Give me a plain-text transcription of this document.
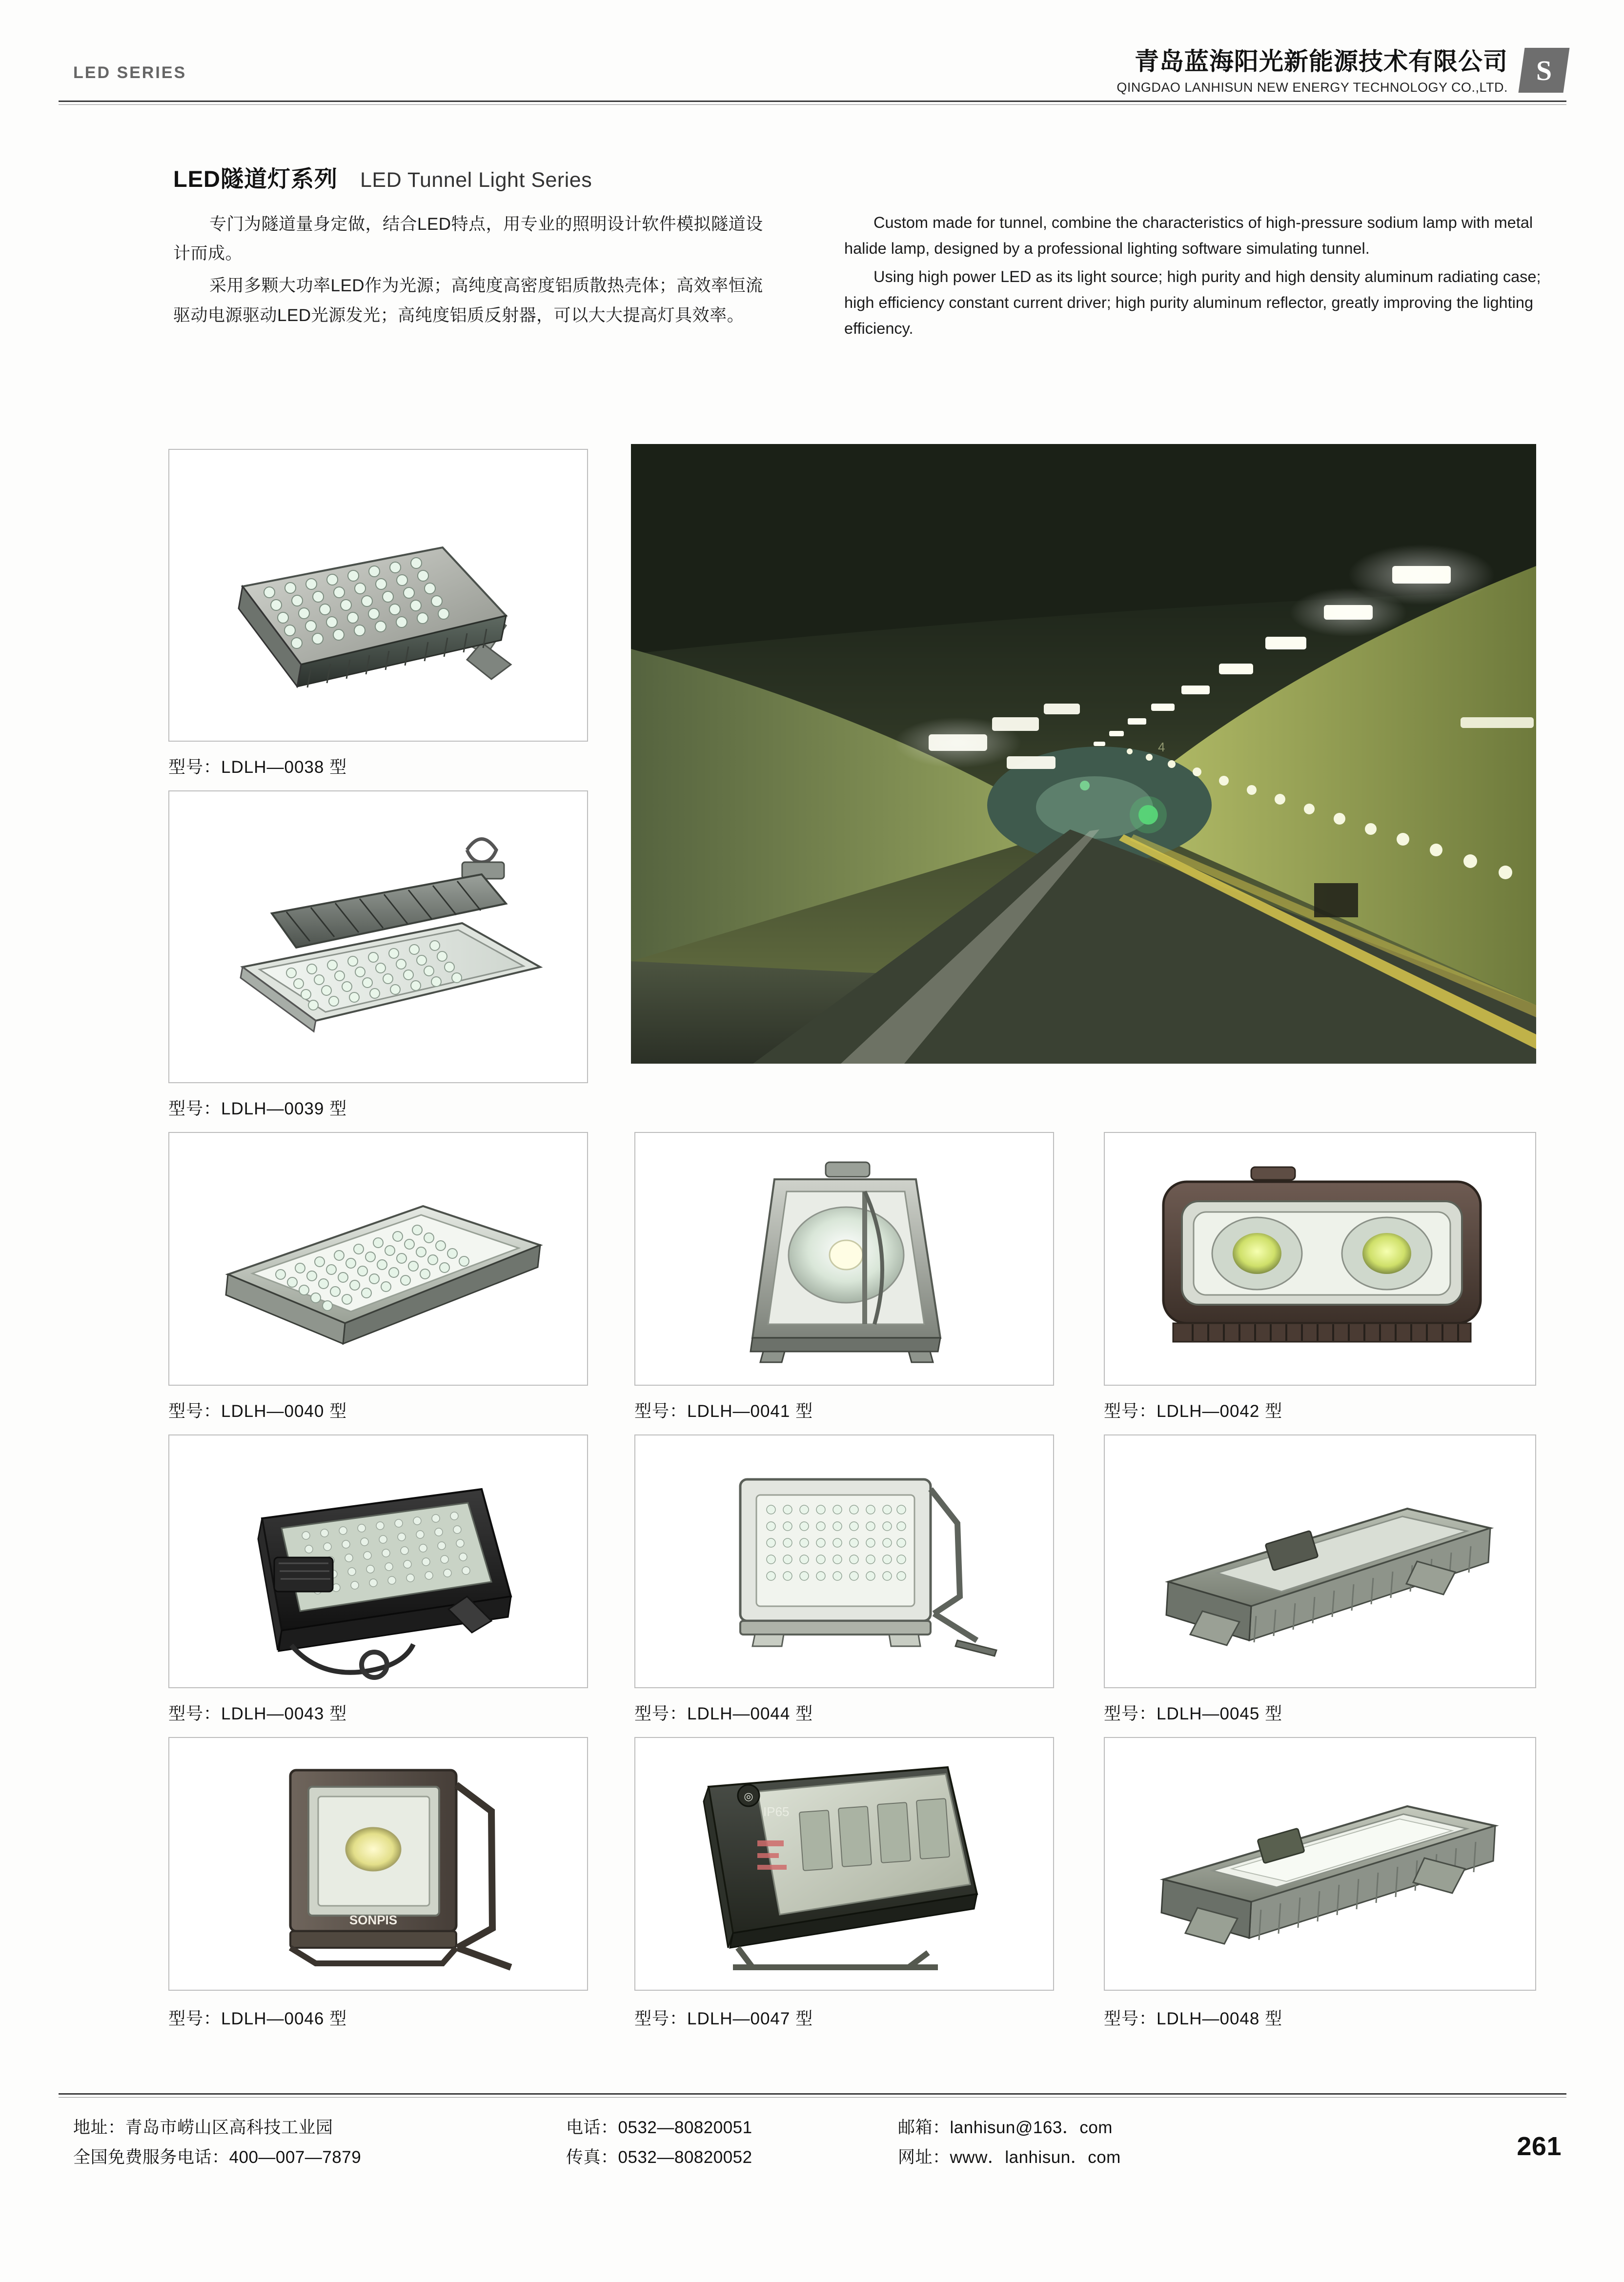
LED SERIES	青岛蓝海阳光新能源技术有限公司
QINGDAO LANHISUN NEW ENERGY TECHNOLOGY CO.,LTD.
S
LED隧道灯系列 LED Tunnel Light Series

专门为隧道量身定做，结合LED特点，用专业的照明设计软件模拟隧道设计而成。

采用多颗大功率LED作为光源；高纯度高密度铝质散热壳体；高效率恒流驱动电源驱动LED光源发光；高纯度铝质反射器，可以大大提高灯具效率。

Custom made for tunnel, combine the characteristics of high-pressure sodium lamp with metal halide lamp, designed by a professional lighting software simulating tunnel.

Using high power LED as its light source; high purity and high density aluminum radiating case; high efficiency constant current driver; high purity aluminum reflector, greatly improving the lighting efficiency.

型号：LDLH—0038 型
型号：LDLH—0039 型
4
型号：LDLH—0040 型	型号：LDLH—0041 型	型号：LDLH—0042 型
型号：LDLH—0043 型	型号：LDLH—0044 型	型号：LDLH—0045 型
SONPIS
型号：LDLH—0046 型
◎
IP65
型号：LDLH—0047 型	型号：LDLH—0048 型
地址：青岛市崂山区高科技工业园
全国免费服务电话：400—007—7879
电话：0532—80820051
传真：0532—80820052
邮箱：lanhisun@163．com
网址：www．lanhisun．com	261
